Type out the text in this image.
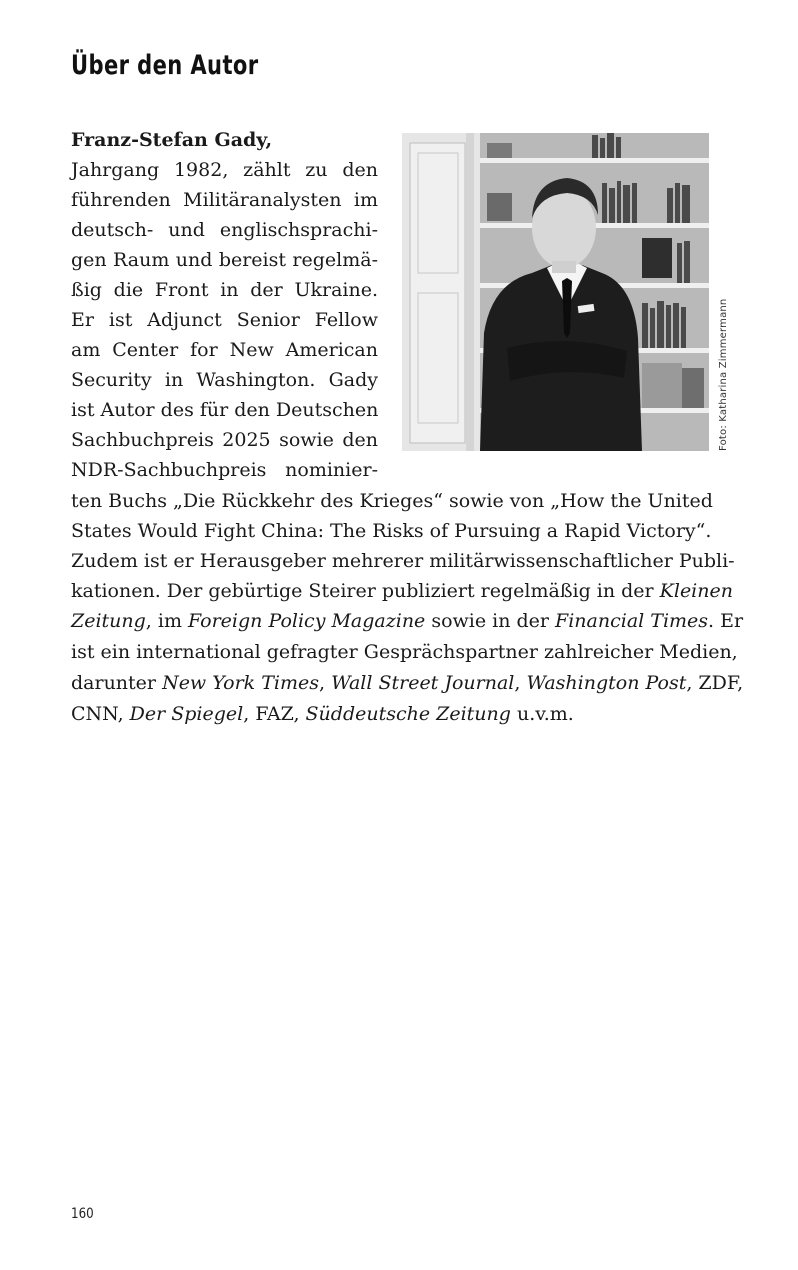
Über den Autor

Franz-Stefan Gady,

Jahrgang 1982, zählt zu den

führenden Militäranalysten im

deutsch- und englischsprachi-

gen Raum und bereist regelmä-

ßig die Front in der Ukraine.

Er ist Adjunct Senior Fellow

am Center for New American

Security in Washington. Gady

ist Autor des für den Deutschen

Sachbuchpreis 2025 sowie den

NDR-Sachbuchpreis nominier-

ten Buchs „Die Rückkehr des Krieges“ sowie von „How the United

States Would Fight China: The Risks of Pursuing a Rapid Victory“.

Zudem ist er Herausgeber mehrerer militärwissenschaftlicher Publi-

kationen. Der gebürtige Steirer publiziert regelmäßig in der Kleinen

Zeitung, im Foreign Policy Magazine sowie in der Financial Times. Er

ist ein international gefragter Gesprächspartner zahlreicher Medien,

darunter New York Times, Wall Street Journal, Washington Post, ZDF,

CNN, Der Spiegel, FAZ, Süddeutsche Zeitung u.v.m.

Foto: Katharina Zimmermann
160
